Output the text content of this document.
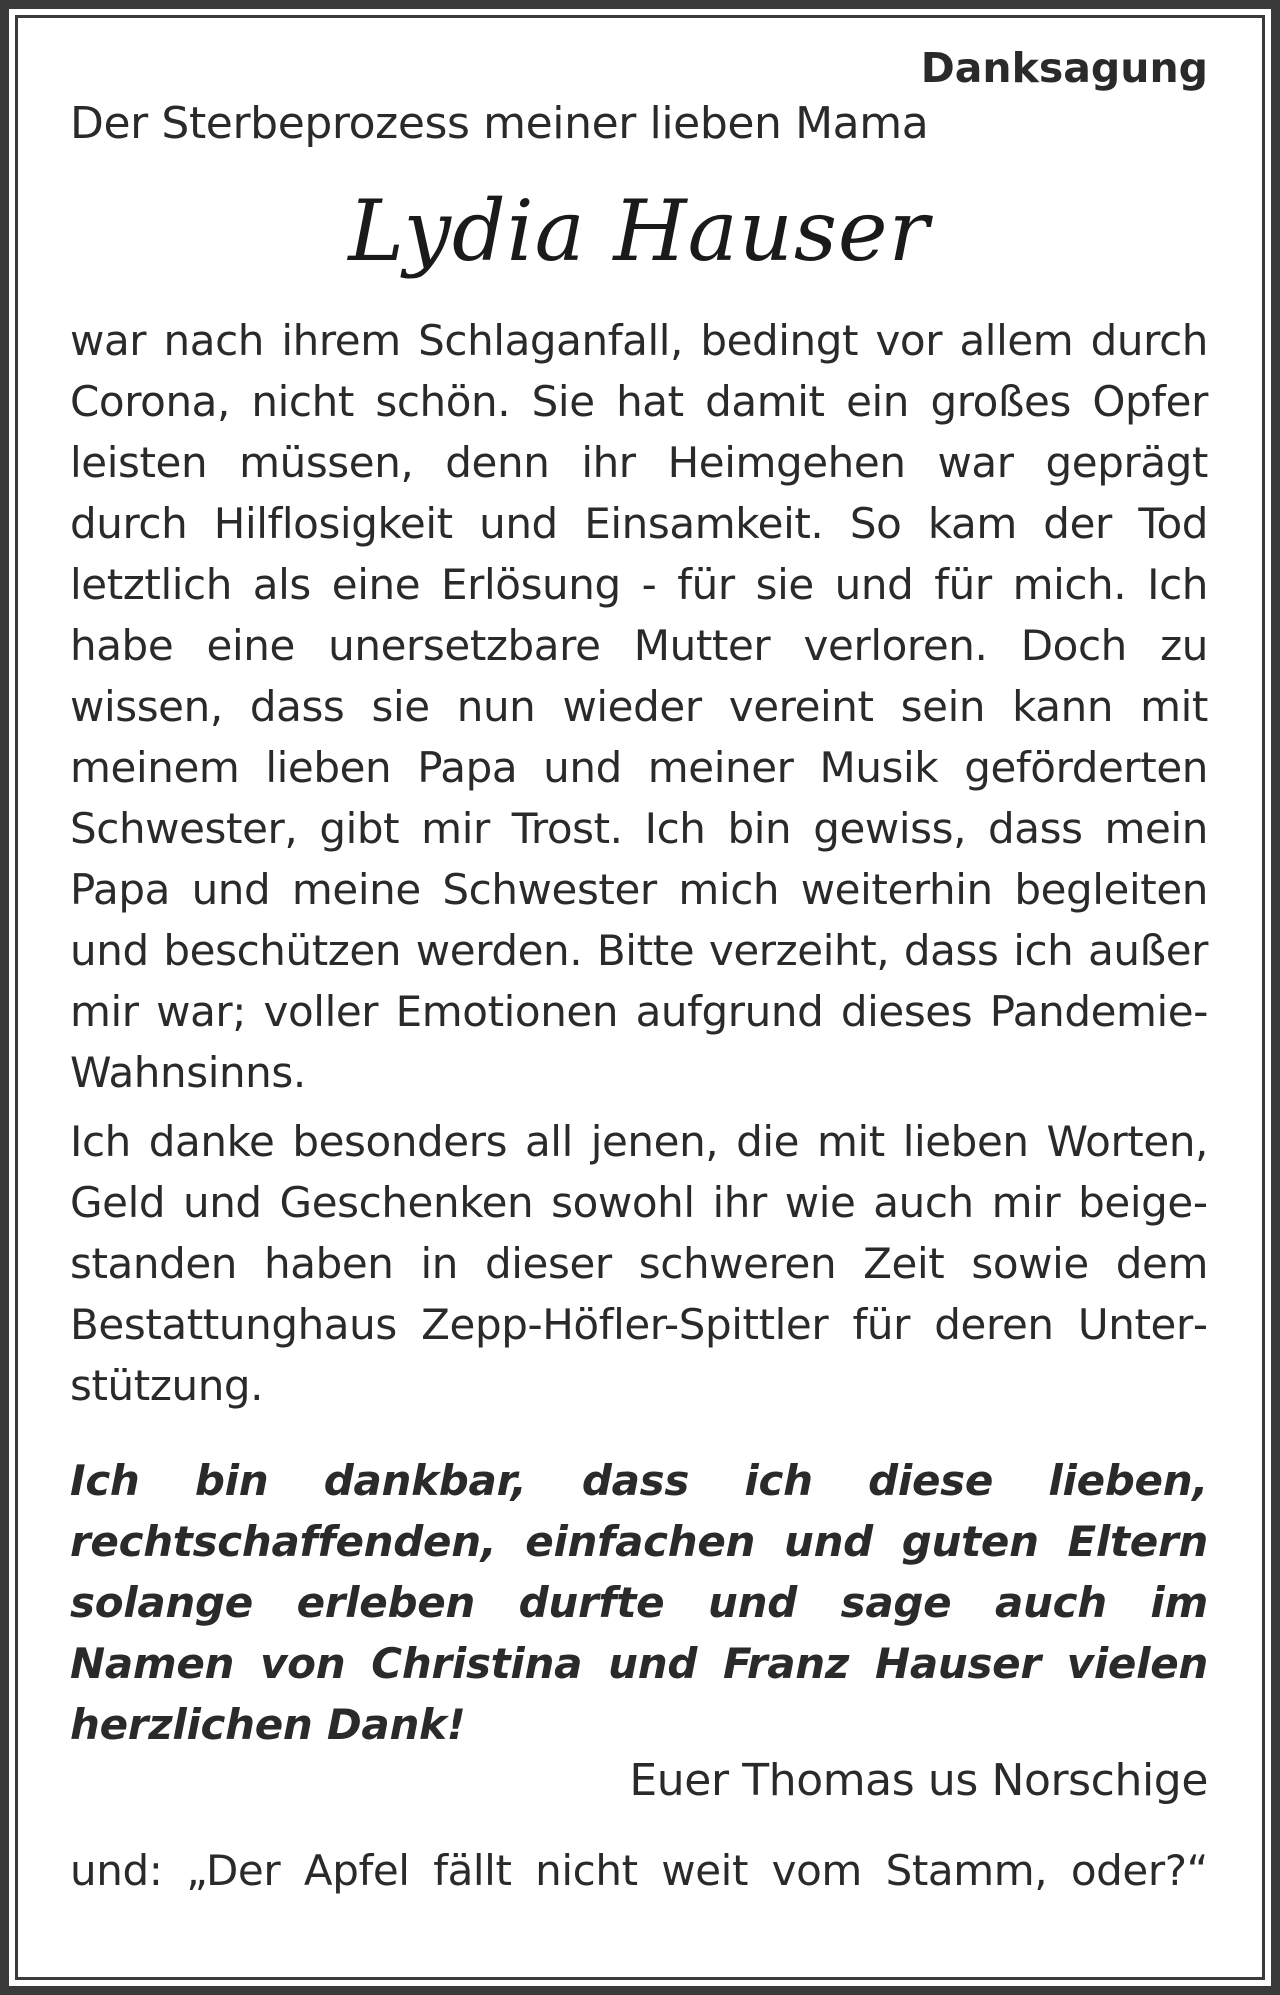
Danksagung
Der Sterbeprozess meiner lieben Mama
Lydia Hauser

war nach ihrem Schlaganfall, bedingt vor allem durch Corona, nicht schön. Sie hat damit ein großes Opfer leisten müssen, denn ihr Heimgehen war geprägt durch Hilflosigkeit und Einsamkeit. So kam der Tod letztlich als eine Erlösung - für sie und für mich. Ich habe eine unersetzbare Mutter verloren. Doch zu wissen, dass sie nun wieder vereint sein kann mit meinem lieben Papa und meiner Musik geförderten Schwester, gibt mir Trost. Ich bin gewiss, dass mein Papa und meine Schwester mich weiterhin begleiten und beschützen werden. Bitte verzeiht, dass ich außer mir war; voller Emotionen aufgrund dieses Pandemie-Wahnsinns.

Ich danke besonders all jenen, die mit lieben Worten, Geld und Geschenken sowohl ihr wie auch mir beigestanden haben in dieser schweren Zeit sowie dem Bestattunghaus Zepp-Höfler-Spittler für deren Unterstützung.

Ich bin dankbar, dass ich diese lieben, rechtschaffenden, einfachen und guten Eltern solange erleben durfte und sage auch im Namen von Christina und Franz Hauser vielen herzlichen Dank!

Euer Thomas us Norschige
und: „Der Apfel fällt nicht weit vom Stamm, oder?“
